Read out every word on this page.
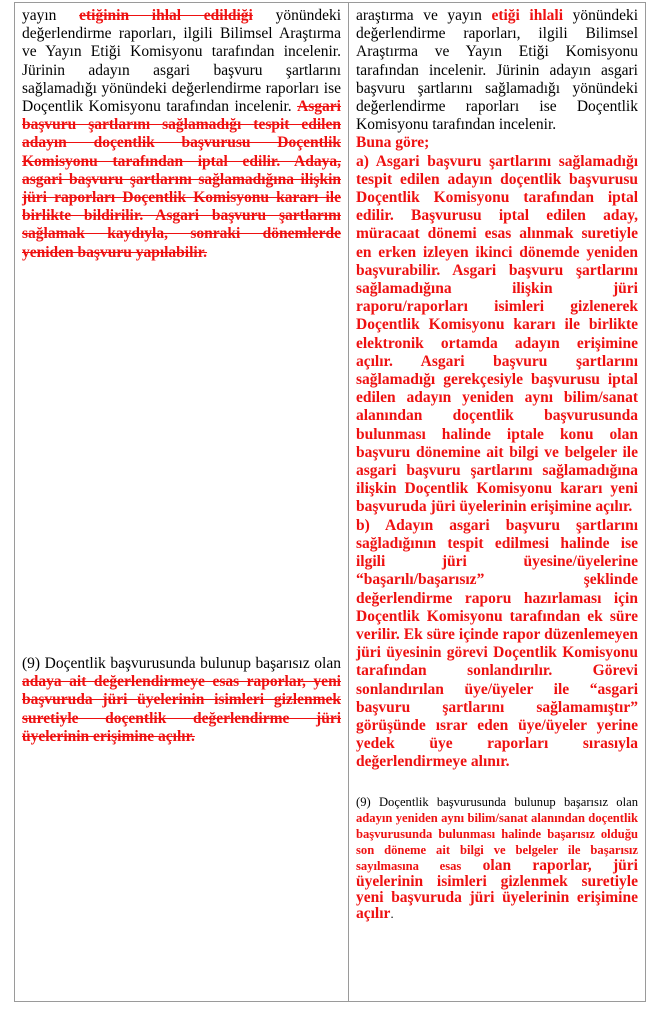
yayın etiğinin ihlal edildiği yönündeki değerlendirme raporları, ilgili Bilimsel Araştırma ve Yayın Etiği Komisyonu tarafından incelenir. Jürinin adayın asgari başvuru şartlarını sağlamadığı yönündeki değerlendirme raporları ise Doçentlik Komisyonu tarafından incelenir. Asgari başvuru şartlarını sağlamadığı tespit edilen adayın doçentlik başvurusu Doçentlik Komisyonu tarafından iptal edilir. Adaya, asgari başvuru şartlarını sağlamadığına ilişkin jüri raporları Doçentlik Komisyonu kararı ile birlikte bildirilir. Asgari başvuru şartlarını sağlamak kaydıyla, sonraki dönemlerde yeniden başvuru yapılabilir.

(9) Doçentlik başvurusunda bulunup başarısız olan adaya ait değerlendirmeye esas raporlar, yeni başvuruda jüri üyelerinin isimleri gizlenmek suretiyle doçentlik değerlendirme jüri üyelerinin erişimine açılır.

araştırma ve yayın etiği ihlali yönündeki değerlendirme raporları, ilgili Bilimsel Araştırma ve Yayın Etiği Komisyonu tarafından incelenir. Jürinin adayın asgari başvuru şartlarını sağlamadığı yönündeki değerlendirme raporları ise Doçentlik Komisyonu tarafından incelenir.

Buna göre;

a) Asgari başvuru şartlarını sağlamadığı tespit edilen adayın doçentlik başvurusu Doçentlik Komisyonu tarafından iptal edilir. Başvurusu iptal edilen aday, müracaat dönemi esas alınmak suretiyle en erken izleyen ikinci dönemde yeniden başvurabilir. Asgari başvuru şartlarını sağlamadığına ilişkin jüri raporu/raporları isimleri gizlenerek Doçentlik Komisyonu kararı ile birlikte elektronik ortamda adayın erişimine açılır. Asgari başvuru şartlarını sağlamadığı gerekçesiyle başvurusu iptal edilen adayın yeniden aynı bilim/sanat alanından doçentlik başvurusunda bulunması halinde iptale konu olan başvuru dönemine ait bilgi ve belgeler ile asgari başvuru şartlarını sağlamadığına ilişkin Doçentlik Komisyonu kararı yeni başvuruda jüri üyelerinin erişimine açılır.

b) Adayın asgari başvuru şartlarını sağladığının tespit edilmesi halinde ise ilgili jüri üyesine/üyelerine “başarılı/başarısız” şeklinde değerlendirme raporu hazırlaması için Doçentlik Komisyonu tarafından ek süre verilir. Ek süre içinde rapor düzenlemeyen jüri üyesinin görevi Doçentlik Komisyonu tarafından sonlandırılır. Görevi sonlandırılan üye/üyeler ile “asgari başvuru şartlarını sağlamamıştır” görüşünde ısrar eden üye/üyeler yerine yedek üye raporları sırasıyla değerlendirmeye alınır.

(9) Doçentlik başvurusunda bulunup başarısız olan adayın yeniden aynı bilim/sanat alanından doçentlik başvurusunda bulunması halinde başarısız olduğu son döneme ait bilgi ve belgeler ile başarısız sayılmasına esas olan raporlar, jüri üyelerinin isimleri gizlenmek suretiyle yeni başvuruda jüri üyelerinin erişimine açılır.
